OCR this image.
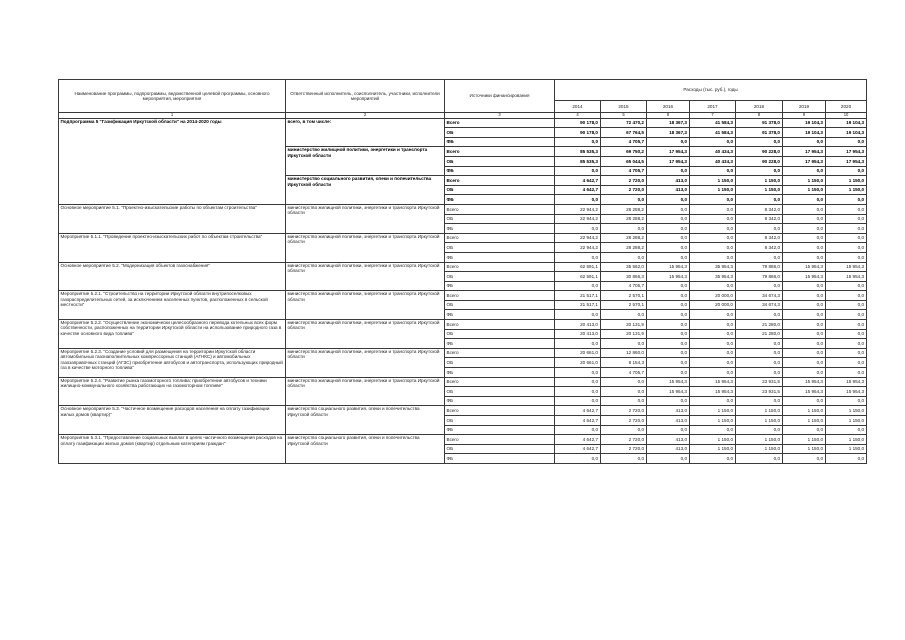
Наименование программы, подпрограммы, ведомственной целевой программы, основного мероприятия, мероприятия	Ответственный исполнитель, соисполнитель, участники, исполнители мероприятий	Источники финансирования	Расходы (тыс. руб.), годы						
			2014	2015	2016	2017	2018	2019	2020
1	2	3	4	5	6	7	8	9	10
Подпрограмма 5 "Газификация Иркутской области" на 2014-2020 годы	всего, в том числе:	Всего	90 178,0	72 470,2	18 367,3	41 584,3	91 378,0	19 104,3	19 104,3
		ОБ	90 178,0	67 764,5	18 367,3	41 584,3	91 378,0	19 104,3	19 104,3
		ФБ	0,0	4 705,7	0,0	0,0	0,0	0,0	0,0
	министерство жилищной политики, энергетики и транспорта Иркутской области	Всего	85 535,3	69 750,2	17 954,3	40 434,3	90 228,0	17 954,3	17 954,3
		ОБ	85 535,3	65 044,5	17 954,3	40 434,3	90 228,0	17 954,3	17 954,3
		ФБ	0,0	4 705,7	0,0	0,0	0,0	0,0	0,0
	министерство социального развития, опеки и попечительства Иркутской области	Всего	4 642,7	2 720,0	413,0	1 150,0	1 150,0	1 150,0	1 150,0
		ОБ	4 642,7	2 720,0	413,0	1 150,0	1 150,0	1 150,0	1 150,0
		ФБ	0,0	0,0	0,0	0,0	0,0	0,0	0,0
Основное мероприятие 5.1. "Проектно-изыскательские работы по объектам строительства"	министерство жилищной политики, энергетики и транспорта Иркутской области	Всего	22 944,2	28 288,2	0,0	0,0	8 342,0	0,0	0,0
		ОБ	22 944,2	28 288,2	0,0	0,0	8 342,0	0,0	0,0
		ФБ	0,0	0,0	0,0	0,0	0,0	0,0	0,0
Мероприятие 5.1.1. "Проведение проектно-изыскательских работ по объектам строительства"	министерство жилищной политики, энергетики и транспорта Иркутской области	Всего	22 944,2	28 288,2	0,0	0,0	8 342,0	0,0	0,0
		ОБ	22 944,2	28 288,2	0,0	0,0	8 342,0	0,0	0,0
		ФБ	0,0	0,0	0,0	0,0	0,0	0,0	0,0
Основное мероприятие 5.2. "Модернизация объектов газоснабжения"	министерство жилищной политики, энергетики и транспорта Иркутской области	Всего	62 591,1	35 562,0	15 954,3	35 954,3	79 886,0	15 954,3	15 954,3
		ОБ	62 591,1	30 856,3	15 954,3	35 954,3	79 886,0	15 954,3	15 954,3
		ФБ	0,0	4 705,7	0,0	0,0	0,0	0,0	0,0
Мероприятие 5.2.1. "Строительство на территории Иркутской области внутрипоселковых газораспределительных сетей, за исключением населенных пунктов, расположенных в сельской местности"	министерство жилищной политики, энергетики и транспорта Иркутской области	Всего	21 517,1	2 570,1	0,0	20 000,0	34 674,3	0,0	0,0
		ОБ	21 517,1	2 570,1	0,0	20 000,0	34 674,3	0,0	0,0
		ФБ	0,0	0,0	0,0	0,0	0,0	0,0	0,0
Мероприятие 5.2.2. "Осуществление экономически целесообразного перевода котельных всех форм собственности, расположенных на территории Иркутской области на использование природного газа в качестве основного вида топлива"	министерство жилищной политики, энергетики и транспорта Иркутской области	Всего	20 413,0	20 131,9	0,0	0,0	21 280,0	0,0	0,0
		ОБ	20 413,0	20 131,9	0,0	0,0	21 280,0	0,0	0,0
		ФБ	0,0	0,0	0,0	0,0	0,0	0,0	0,0
Мероприятие 5.2.3. "Создание условий для размещения на территории Иркутской области автомобильных газонаполнительных компрессорных станций (АГНКС) и автомобильных газозаправочных станций (АГЗС) приобретение автобусов и автотранспорта, использующих природный газ в качестве моторного топлива"	министерство жилищной политики, энергетики и транспорта Иркутской области	Всего	20 661,0	12 860,0	0,0	0,0	0,0	0,0	0,0
		ОБ	20 661,0	8 154,3	0,0	0,0	0,0	0,0	0,0
		ФБ	0,0	4 705,7	0,0	0,0	0,0	0,0	0,0
Мероприятие 5.2.4. "Развитие рынка газомоторного топлива: приобретение автобусов и техники жилищно-коммунального хозяйства работающих на газомоторном топливе"	министерство жилищной политики, энергетики и транспорта Иркутской области	Всего	0,0	0,0	15 954,3	15 954,3	23 931,5	15 954,3	15 954,3
		ОБ	0,0	0,0	15 954,3	15 954,3	23 931,5	15 954,3	15 954,3
		ФБ	0,0	0,0	0,0	0,0	0,0	0,0	0,0
Основное мероприятие 5.3. "Частичное возмещение расходов населения на оплату газификации жилых домов (квартир)"	министерство социального развития, опеки и попечительства Иркутской области	Всего	4 642,7	2 720,0	413,0	1 150,0	1 150,0	1 150,0	1 150,0
		ОБ	4 642,7	2 720,0	413,0	1 150,0	1 150,0	1 150,0	1 150,0
		ФБ	0,0	0,0	0,0	0,0	0,0	0,0	0,0
Мероприятие 5.3.1. "Предоставление социальных выплат в целях частичного возмещения расходов на оплату газификации жилых домов (квартир) отдельным категориям граждан"	министерство социального развития, опеки и попечительства Иркутской области	Всего	4 642,7	2 720,0	413,0	1 150,0	1 150,0	1 150,0	1 150,0
		ОБ	4 642,7	2 720,0	413,0	1 150,0	1 150,0	1 150,0	1 150,0
		ФБ	0,0	0,0	0,0	0,0	0,0	0,0	0,0
